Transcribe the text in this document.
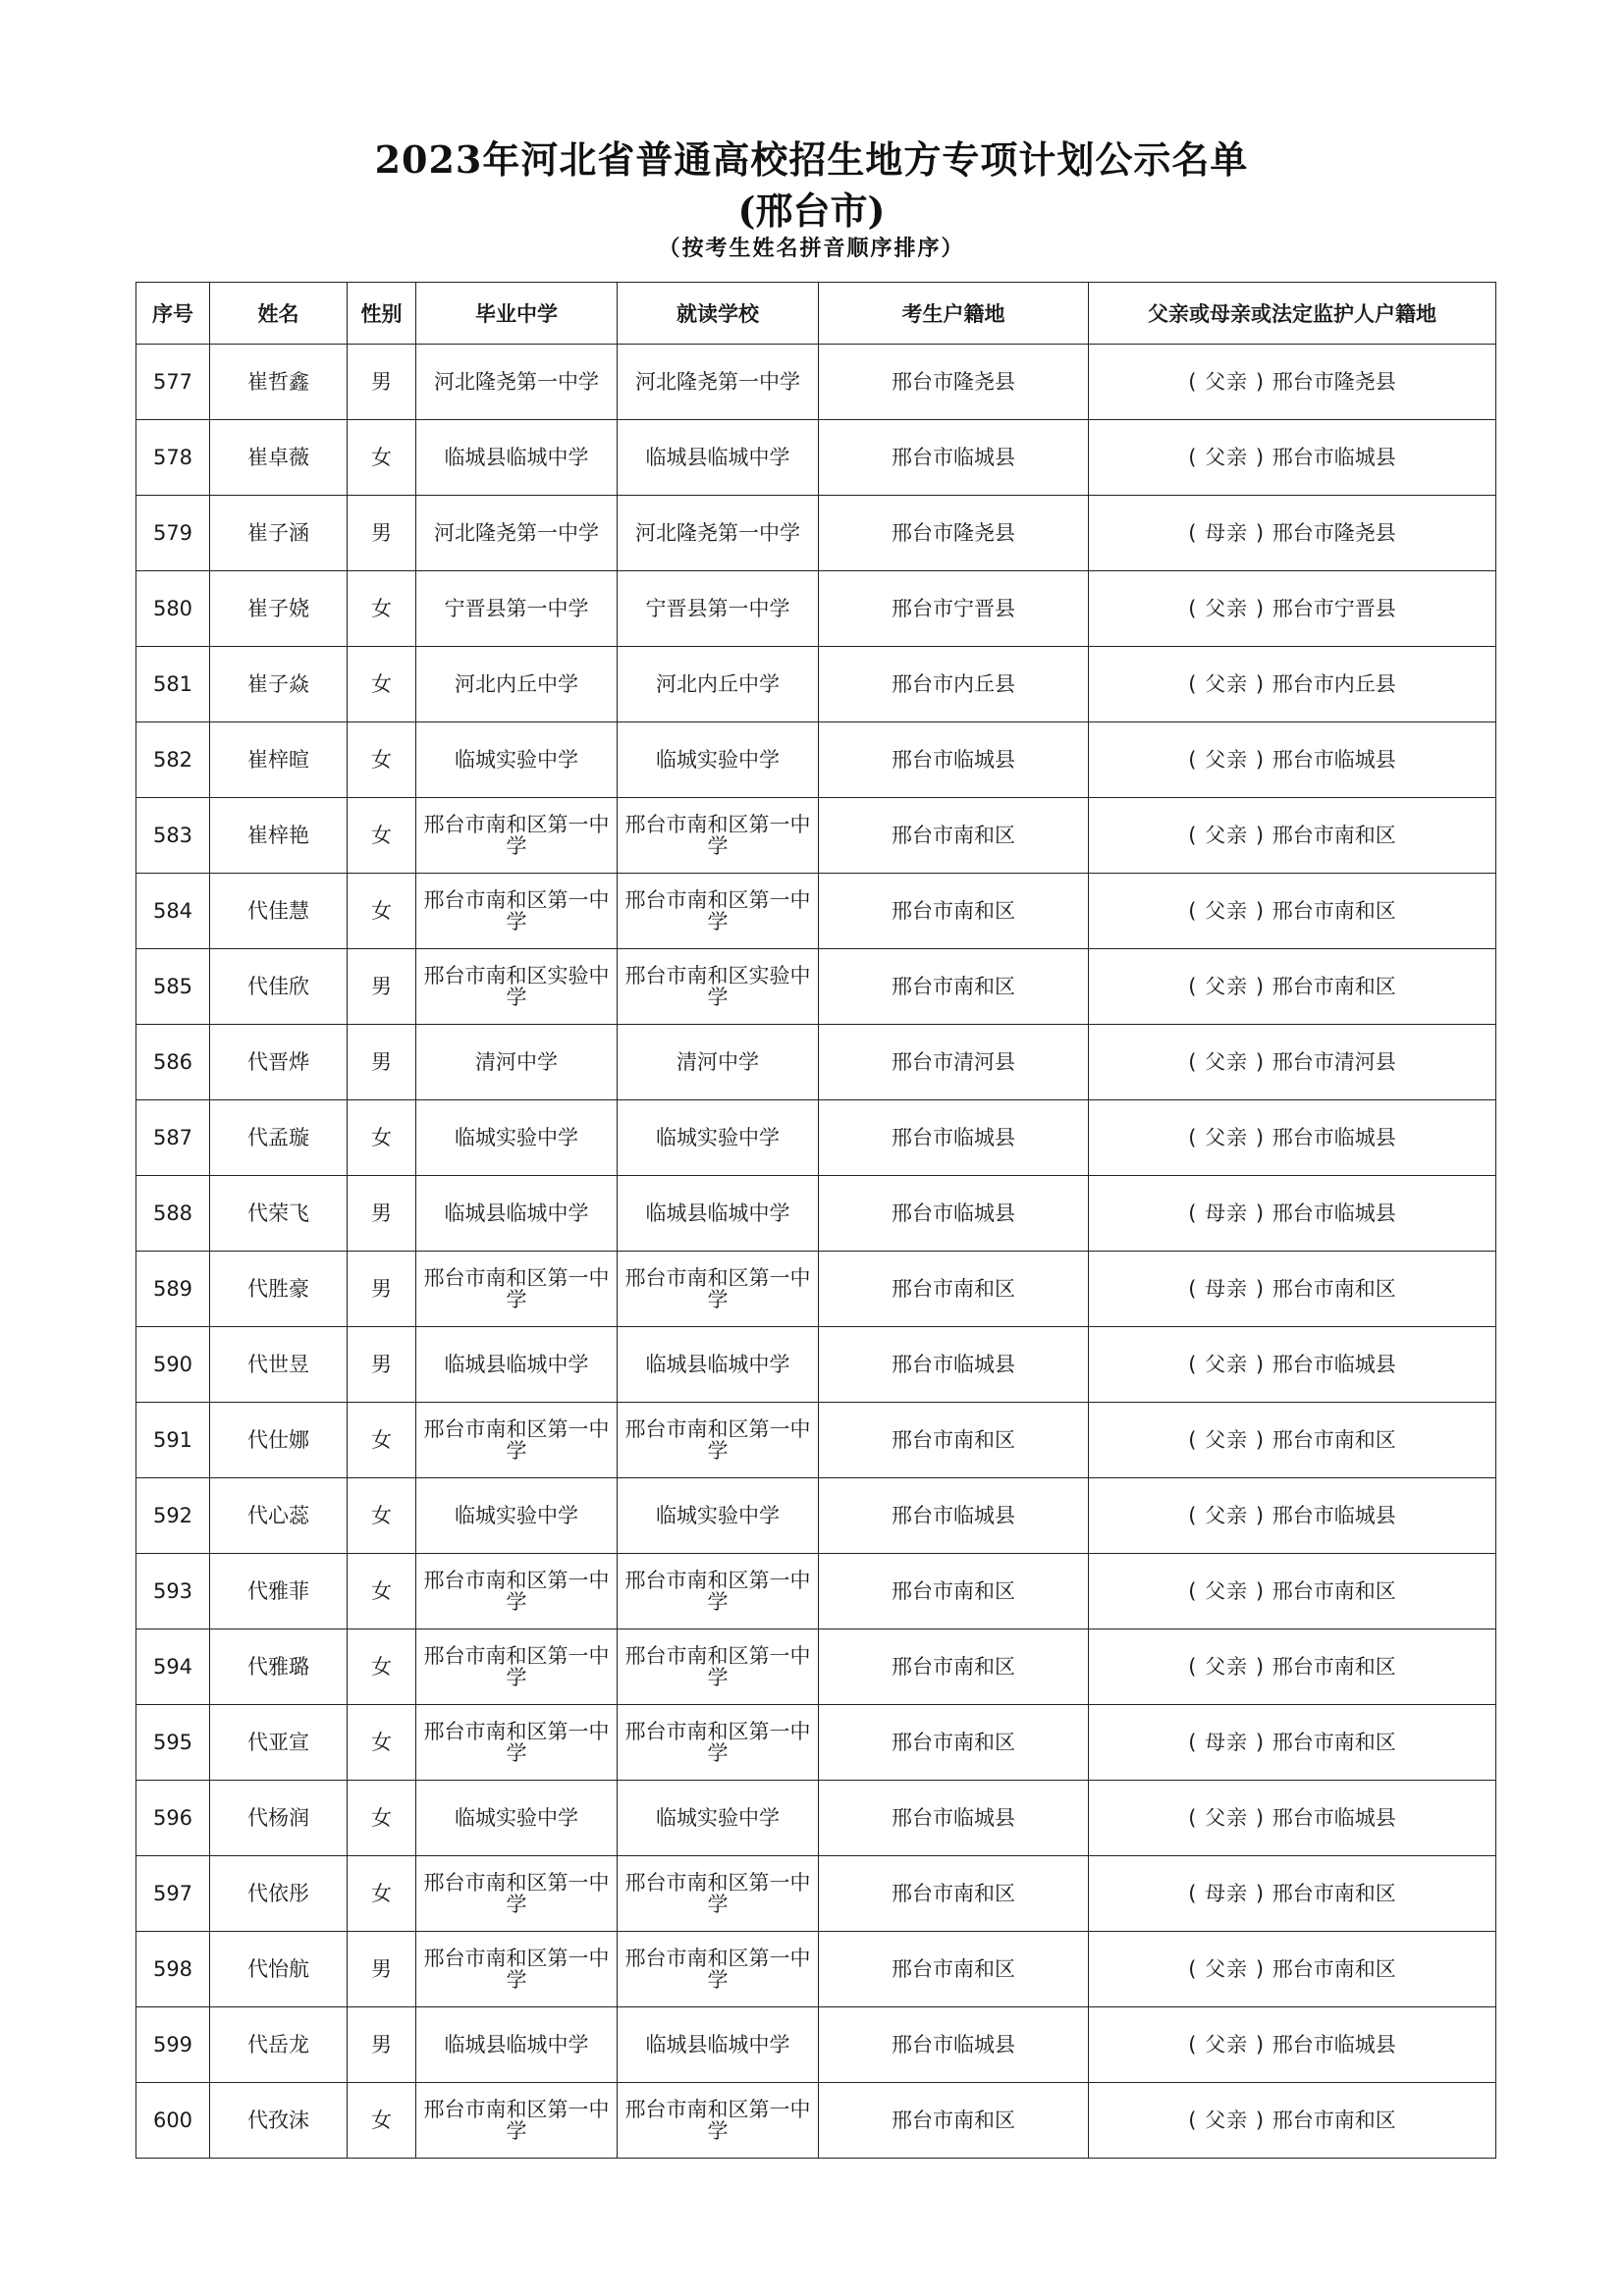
2023年河北省普通高校招生地方专项计划公示名单
(邢台市)
（按考生姓名拼音顺序排序）
序号	姓名	性别	毕业中学	就读学校	考生户籍地	父亲或母亲或法定监护人户籍地
577	崔哲鑫	男	河北隆尧第一中学	河北隆尧第一中学	邢台市隆尧县	( 父亲 ) 邢台市隆尧县
578	崔卓薇	女	临城县临城中学	临城县临城中学	邢台市临城县	( 父亲 ) 邢台市临城县
579	崔子涵	男	河北隆尧第一中学	河北隆尧第一中学	邢台市隆尧县	( 母亲 ) 邢台市隆尧县
580	崔子娆	女	宁晋县第一中学	宁晋县第一中学	邢台市宁晋县	( 父亲 ) 邢台市宁晋县
581	崔子焱	女	河北内丘中学	河北内丘中学	邢台市内丘县	( 父亲 ) 邢台市内丘县
582	崔梓暄	女	临城实验中学	临城实验中学	邢台市临城县	( 父亲 ) 邢台市临城县
583	崔梓艳	女	邢台市南和区第一中学	邢台市南和区第一中学	邢台市南和区	( 父亲 ) 邢台市南和区
584	代佳慧	女	邢台市南和区第一中学	邢台市南和区第一中学	邢台市南和区	( 父亲 ) 邢台市南和区
585	代佳欣	男	邢台市南和区实验中学	邢台市南和区实验中学	邢台市南和区	( 父亲 ) 邢台市南和区
586	代晋烨	男	清河中学	清河中学	邢台市清河县	( 父亲 ) 邢台市清河县
587	代孟璇	女	临城实验中学	临城实验中学	邢台市临城县	( 父亲 ) 邢台市临城县
588	代荣飞	男	临城县临城中学	临城县临城中学	邢台市临城县	( 母亲 ) 邢台市临城县
589	代胜豪	男	邢台市南和区第一中学	邢台市南和区第一中学	邢台市南和区	( 母亲 ) 邢台市南和区
590	代世昱	男	临城县临城中学	临城县临城中学	邢台市临城县	( 父亲 ) 邢台市临城县
591	代仕娜	女	邢台市南和区第一中学	邢台市南和区第一中学	邢台市南和区	( 父亲 ) 邢台市南和区
592	代心蕊	女	临城实验中学	临城实验中学	邢台市临城县	( 父亲 ) 邢台市临城县
593	代雅菲	女	邢台市南和区第一中学	邢台市南和区第一中学	邢台市南和区	( 父亲 ) 邢台市南和区
594	代雅璐	女	邢台市南和区第一中学	邢台市南和区第一中学	邢台市南和区	( 父亲 ) 邢台市南和区
595	代亚宣	女	邢台市南和区第一中学	邢台市南和区第一中学	邢台市南和区	( 母亲 ) 邢台市南和区
596	代杨润	女	临城实验中学	临城实验中学	邢台市临城县	( 父亲 ) 邢台市临城县
597	代依彤	女	邢台市南和区第一中学	邢台市南和区第一中学	邢台市南和区	( 母亲 ) 邢台市南和区
598	代怡航	男	邢台市南和区第一中学	邢台市南和区第一中学	邢台市南和区	( 父亲 ) 邢台市南和区
599	代岳龙	男	临城县临城中学	临城县临城中学	邢台市临城县	( 父亲 ) 邢台市临城县
600	代孜沫	女	邢台市南和区第一中学	邢台市南和区第一中学	邢台市南和区	( 父亲 ) 邢台市南和区
